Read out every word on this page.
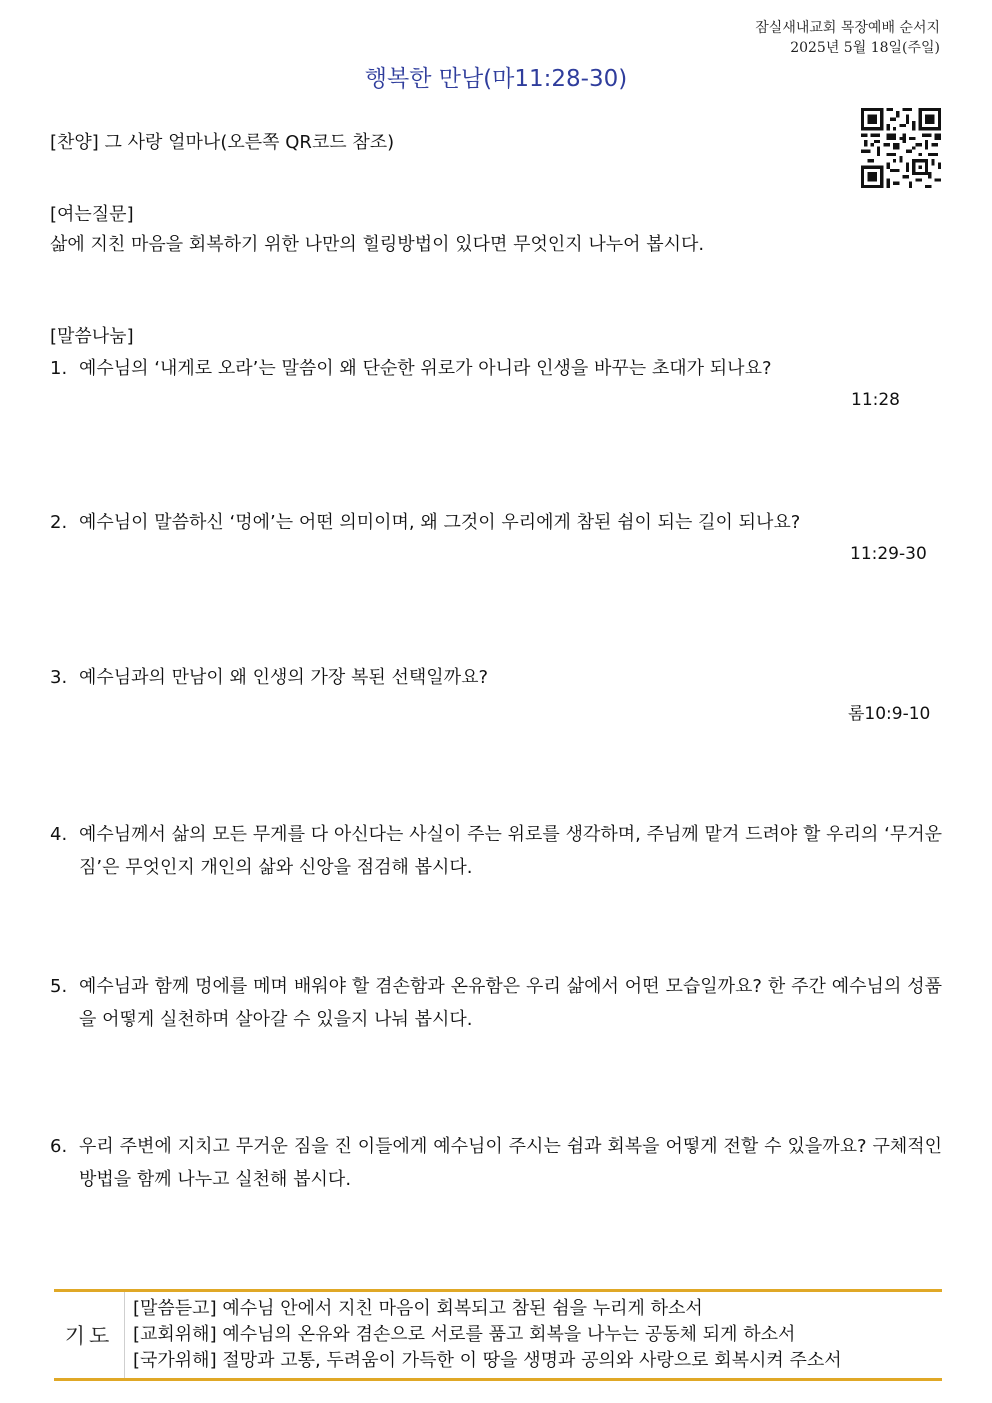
잠실새내교회 목장예배 순서지
2025년 5월 18일(주일)
행복한 만남(마11:28-30)
[찬양] 그 사랑 얼마나(오른쪽 QR코드 참조)
[여는질문]
삶에 지친 마음을 회복하기 위한 나만의 힐링방법이 있다면 무엇인지 나누어 봅시다.
[말씀나눔]
1. 예수님의 ‘내게로 오라’는 말씀이 왜 단순한 위로가 아니라 인생을 바꾸는 초대가 되나요?
11:28
2. 예수님이 말씀하신 ‘멍에’는 어떤 의미이며, 왜 그것이 우리에게 참된 쉼이 되는 길이 되나요?
11:29-30
3. 예수님과의 만남이 왜 인생의 가장 복된 선택일까요?
롬10:9-10
4. 예수님께서 삶의 모든 무게를 다 아신다는 사실이 주는 위로를 생각하며, 주님께 맡겨 드려야 할 우리의 ‘무거운 짐’은 무엇인지 개인의 삶와 신앙을 점검해 봅시다.
5. 예수님과 함께 멍에를 메며 배워야 할 겸손함과 온유함은 우리 삶에서 어떤 모습일까요? 한 주간 예수님의 성품을 어떻게 실천하며 살아갈 수 있을지 나눠 봅시다.
6. 우리 주변에 지치고 무거운 짐을 진 이들에게 예수님이 주시는 쉼과 회복을 어떻게 전할 수 있을까요? 구체적인 방법을 함께 나누고 실천해 봅시다.
기도
[말씀듣고] 예수님 안에서 지친 마음이 회복되고 참된 쉼을 누리게 하소서
[교회위해] 예수님의 온유와 겸손으로 서로를 품고 회복을 나누는 공동체 되게 하소서
[국가위해] 절망과 고통, 두려움이 가득한 이 땅을 생명과 공의와 사랑으로 회복시켜 주소서
